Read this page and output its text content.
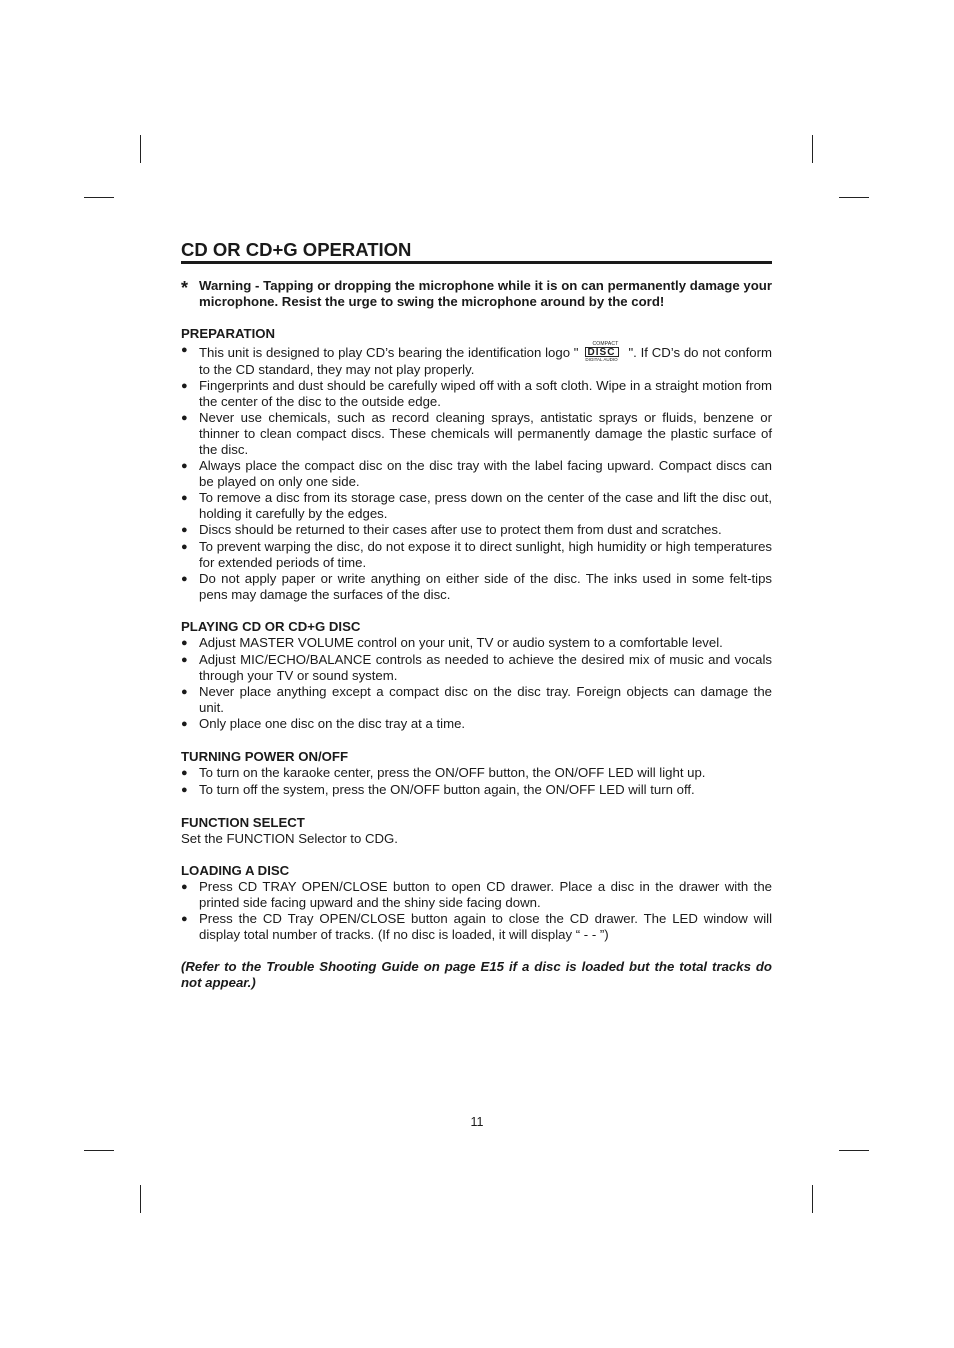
CD OR CD+G OPERATION
* Warning - Tapping or dropping the microphone while it is on can permanently damage your microphone. Resist the urge to swing the microphone around by the cord!
PREPARATION
● This unit is designed to play CD’s bearing the identification logo "
COMPACT
DISC
DIGITAL AUDIO ". If CD’s do not conform to the CD standard, they may not play properly.
● Fingerprints and dust should be carefully wiped off with a soft cloth. Wipe in a straight motion from the center of the disc to the outside edge.
● Never use chemicals, such as record cleaning sprays, antistatic sprays or fluids, benzene or thinner to clean compact discs. These chemicals will permanently damage the plastic surface of the disc.
● Always place the compact disc on the disc tray with the label facing upward. Compact discs can be played on only one side.
● To remove a disc from its storage case, press down on the center of the case and lift the disc out, holding it carefully by the edges.
● Discs should be returned to their cases after use to protect them from dust and scratches.
● To prevent warping the disc, do not expose it to direct sunlight, high humidity or high temperatures for extended periods of time.
● Do not apply paper or write anything on either side of the disc. The inks used in some felt-tips pens may damage the surfaces of the disc.
PLAYING CD OR CD+G DISC
● Adjust MASTER VOLUME control on your unit, TV or audio system to a comfortable level.
● Adjust MIC/ECHO/BALANCE controls as needed to achieve the desired mix of music and vocals through your TV or sound system.
● Never place anything except a compact disc on the disc tray. Foreign objects can damage the unit.
● Only place one disc on the disc tray at a time.
TURNING POWER ON/OFF
● To turn on the karaoke center, press the ON/OFF button, the ON/OFF LED will light up.
● To turn off the system, press the ON/OFF button again, the ON/OFF LED will turn off.
FUNCTION SELECT

Set the FUNCTION Selector to CDG.

LOADING A DISC
● Press CD TRAY OPEN/CLOSE button to open CD drawer. Place a disc in the drawer with the printed side facing upward and the shiny side facing down.
● Press the CD Tray OPEN/CLOSE button again to close the CD drawer. The LED window will display total number of tracks. (If no disc is loaded, it will display “ - - ”)

(Refer to the Trouble Shooting Guide on page E15 if a disc is loaded but the total tracks do not appear.)

11
